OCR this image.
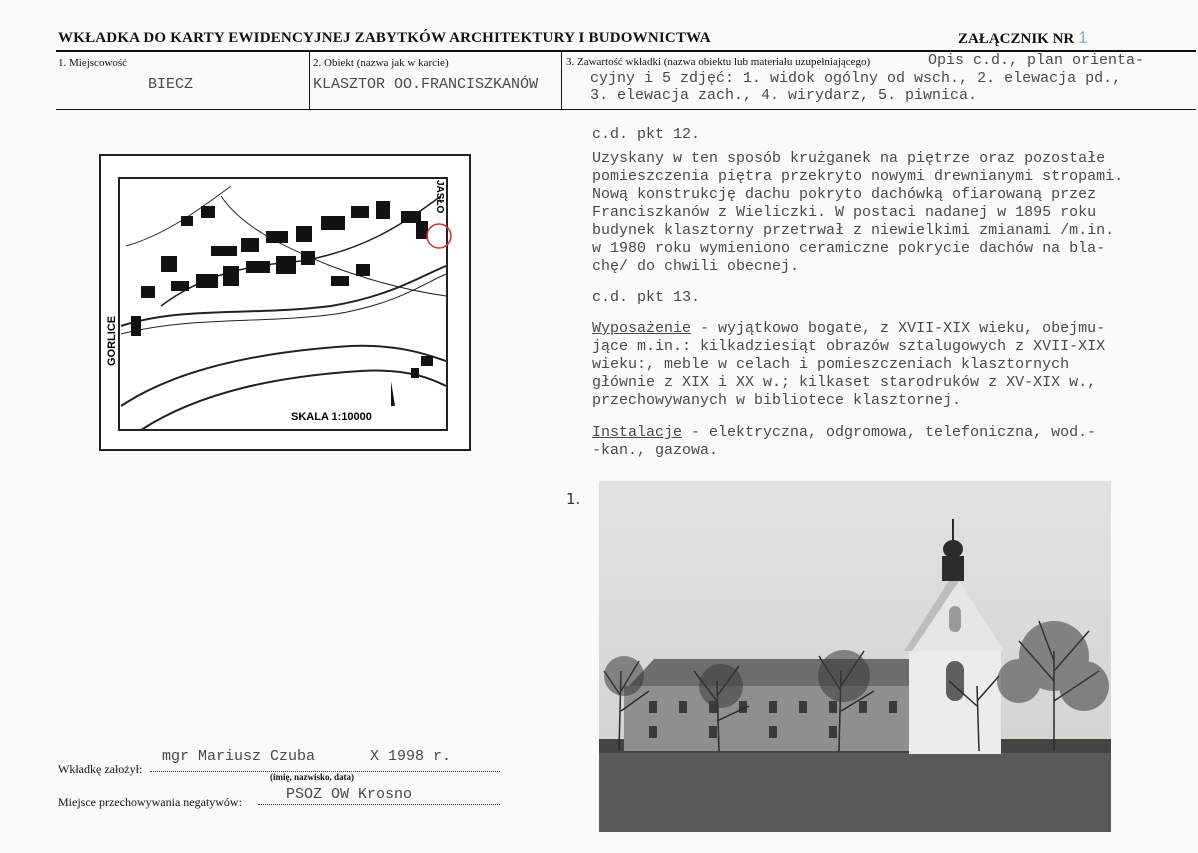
WKŁADKA DO KARTY EWIDENCYJNEJ ZABYTKÓW ARCHITEKTURY I BUDOWNICTWA	ZAŁĄCZNIK NR 1
1. Miejscowość
BIECZ
2. Obiekt (nazwa jak w karcie)
KLASZTOR OO.FRANCISZKANÓW
3. Zawartość wkładki (nazwa obiektu lub materiału uzupełniającego)	Opis c.d., plan orienta-
cyjny i 5 zdjęć: 1. widok ogólny od wsch., 2. elewacja pd.,
3. elewacja zach., 4. wirydarz, 5. piwnica.
c.d. pkt 12.
Uzyskany w ten sposób krużganek na piętrze oraz pozostałe
pomieszczenia piętra przekryto nowymi drewnianymi stropami.
Nową konstrukcję dachu pokryto dachówką ofiarowaną przez
Franciszkanów z Wieliczki. W postaci nadanej w 1895 roku
budynek klasztorny przetrwał z niewielkimi zmianami /m.in.
w 1980 roku wymieniono ceramiczne pokrycie dachów na bla-
chę/ do chwili obecnej.
c.d. pkt 13.
Wyposażenie - wyjątkowo bogate, z XVII-XIX wieku, obejmu-
jące m.in.: kilkadziesiąt obrazów sztalugowych z XVII-XIX
wieku:, meble w celach i pomieszczeniach klasztornych
głównie z XIX i XX w.; kilkaset starodruków z XV-XIX w.,
przechowywanych w bibliotece klasztornej.
Instalacje - elektryczna, odgromowa, telefoniczna, wod.-
-kan., gazowa.
GORLICE
JASŁO
SKALA 1:10000
1.
Wkładkę założył:
mgr Mariusz Czuba	X 1998 r.
(imię, nazwisko, data)
Miejsce przechowywania negatywów:	PSOZ OW Krosno
